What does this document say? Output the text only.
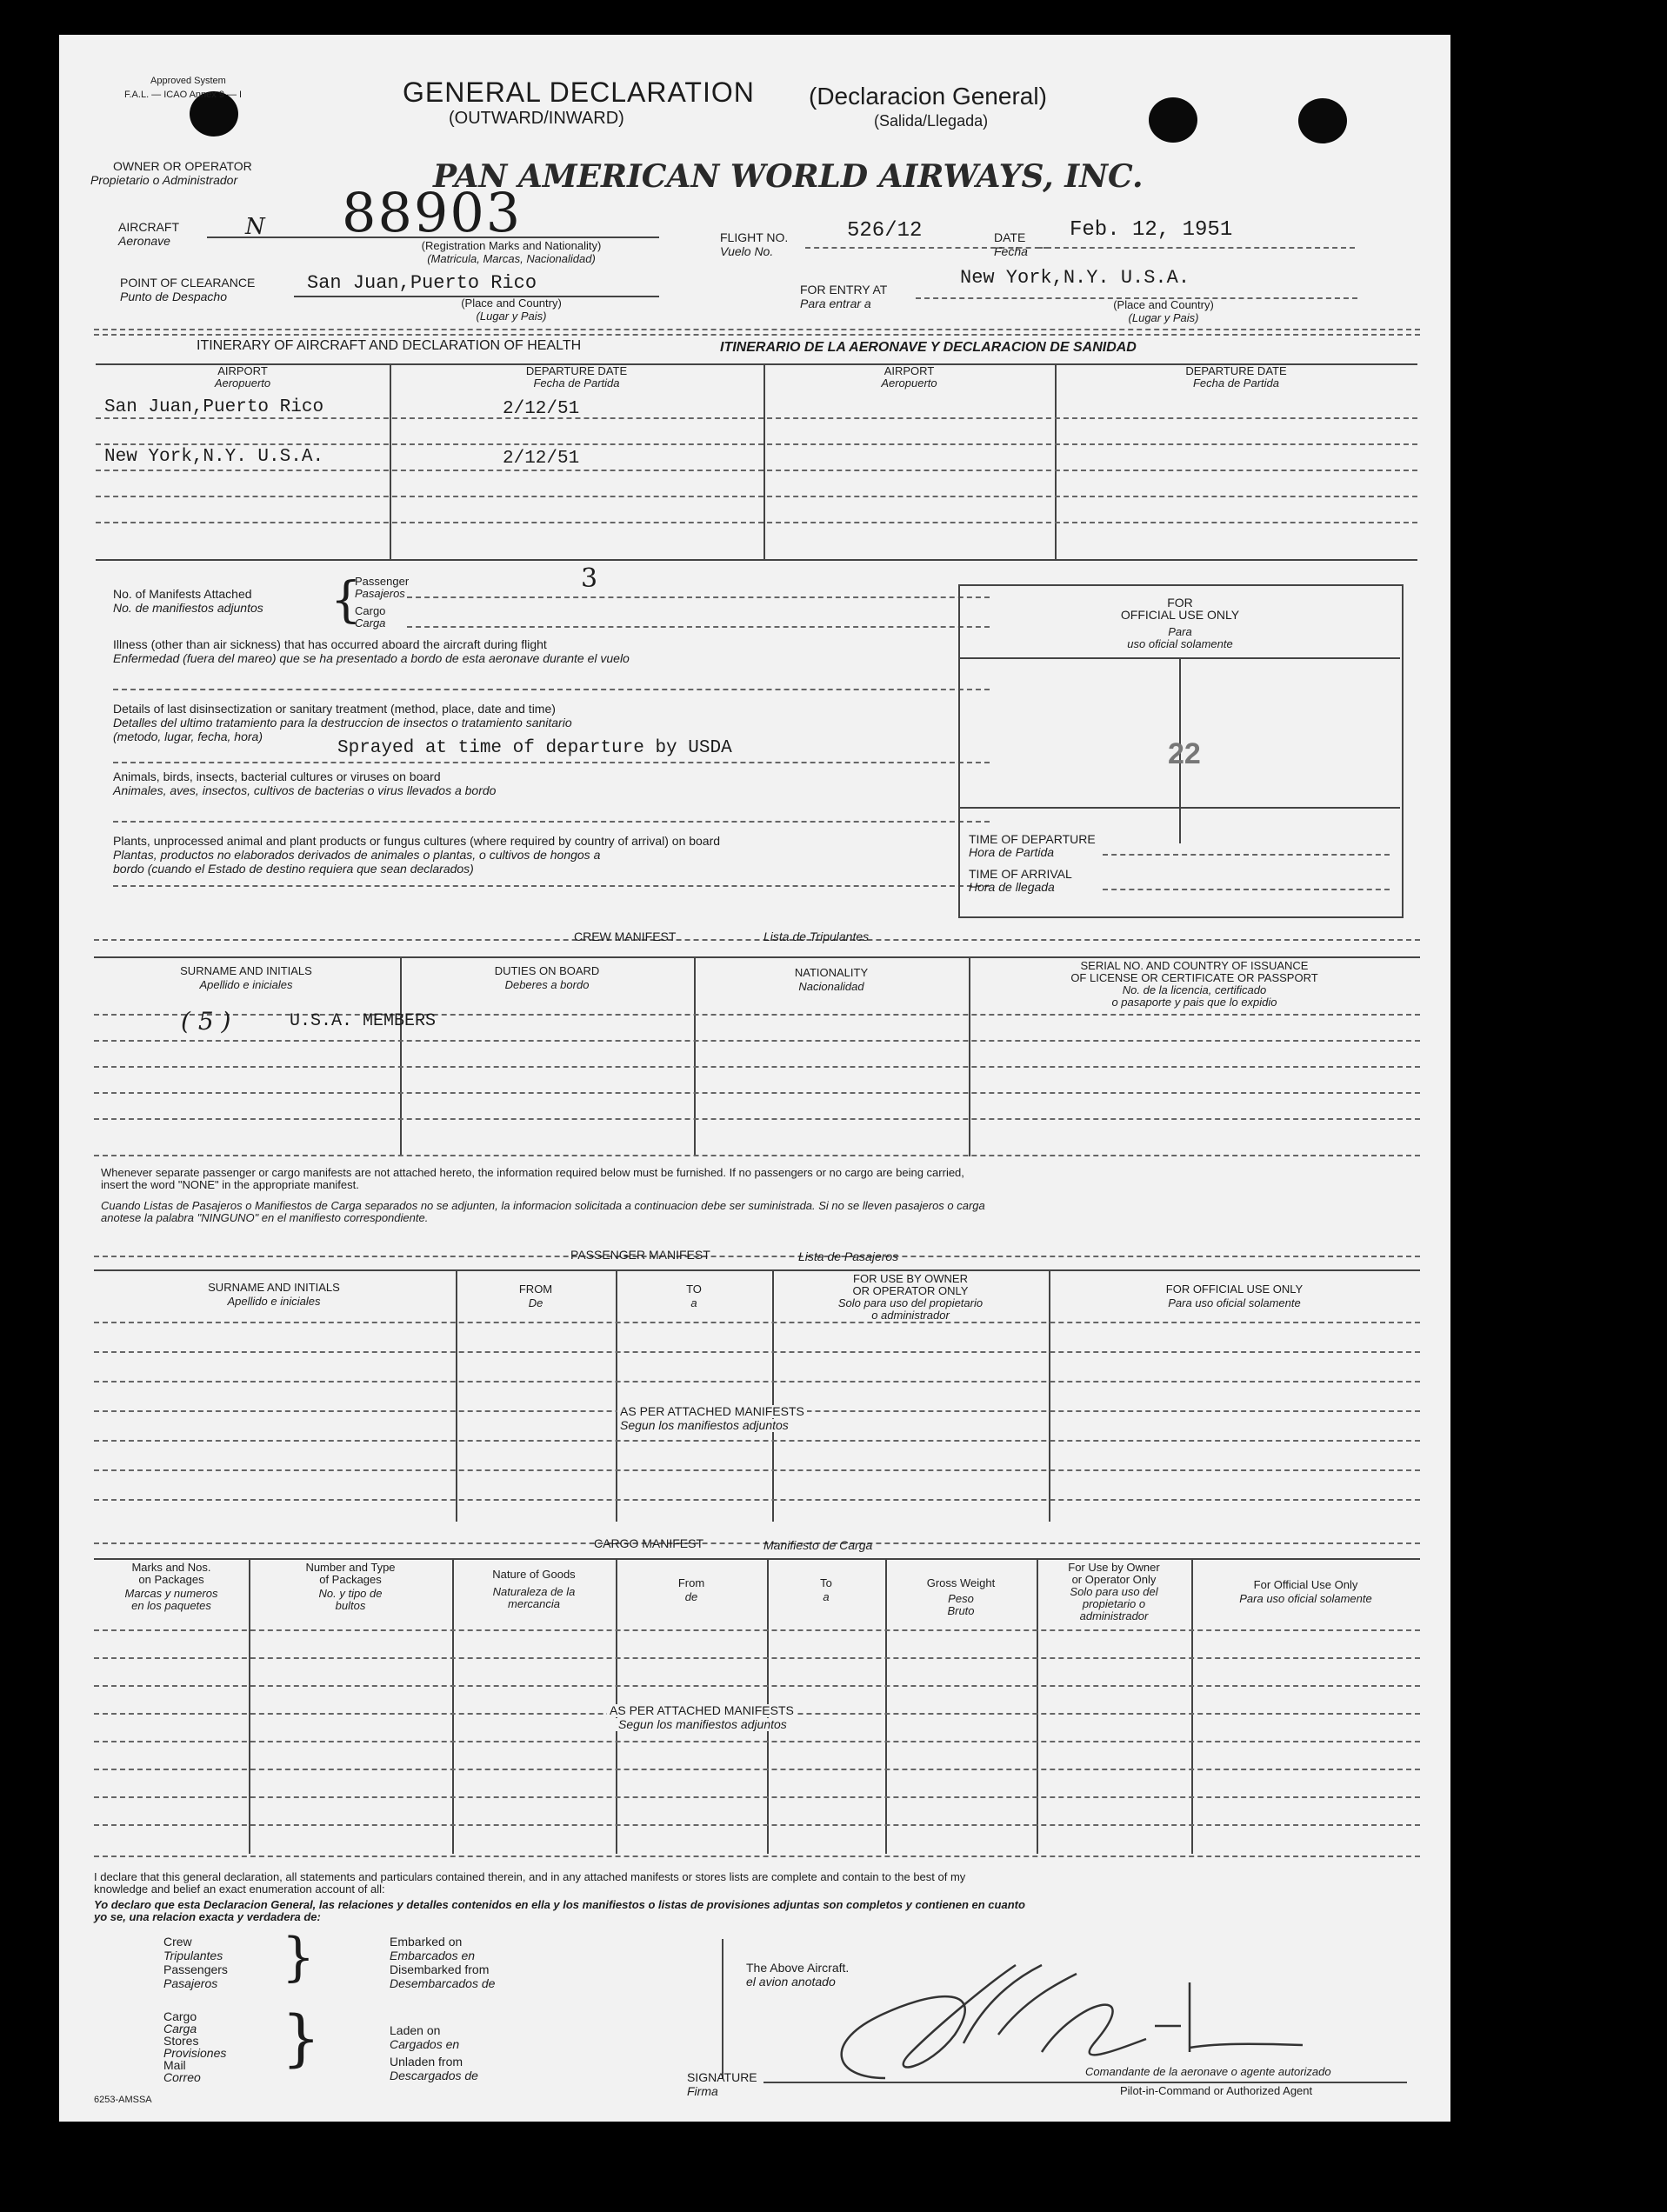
Approved System
F.A.L. — ICAO Annex 9 — I	GENERAL DECLARATION
(OUTWARD/INWARD)
(Declaracion General)
(Salida/Llegada)
OWNER OR OPERATOR
Propietario o Administrador	PAN AMERICAN WORLD AIRWAYS, INC.
AIRCRAFT
Aeronave
N 88903
(Registration Marks and Nationality)
(Matricula, Marcas, Nacionalidad)
FLIGHT NO.
Vuelo No.
526/12	DATE
Fecha
Feb. 12, 1951
POINT OF CLEARANCE
Punto de Despacho
San Juan,Puerto Rico
(Place and Country)
(Lugar y Pais)
FOR ENTRY AT
Para entrar a
New York,N.Y. U.S.A.
(Place and Country)
(Lugar y Pais)
ITINERARY OF AIRCRAFT AND DECLARATION OF HEALTH	ITINERARIO DE LA AERONAVE Y DECLARACION DE SANIDAD
AIRPORT
Aeropuerto
DEPARTURE DATE
Fecha de Partida
AIRPORT
Aeropuerto
DEPARTURE DATE
Fecha de Partida
San Juan,Puerto Rico	2/12/51
New York,N.Y. U.S.A.	2/12/51
No. of Manifests Attached
No. de manifiestos adjuntos {
Passenger
Pasajeros
Cargo
Carga
3
Illness (other than air sickness) that has occurred aboard the aircraft during flight
Enfermedad (fuera del mareo) que se ha presentado a bordo de esta aeronave durante el vuelo
Details of last disinsectization or sanitary treatment (method, place, date and time)
Detalles del ultimo tratamiento para la destruccion de insectos o tratamiento sanitario
(metodo, lugar, fecha, hora)
Sprayed at time of departure by USDA
Animals, birds, insects, bacterial cultures or viruses on board
Animales, aves, insectos, cultivos de bacterias o virus llevados a bordo
Plants, unprocessed animal and plant products or fungus cultures (where required by country of arrival) on board
Plantas, productos no elaborados derivados de animales o plantas, o cultivos de hongos a
bordo (cuando el Estado de destino requiera que sean declarados)
FOR
OFFICIAL USE ONLY
Para
uso oficial solamente
22
TIME OF DEPARTURE
Hora de Partida
TIME OF ARRIVAL
Hora de llegada
CREW MANIFEST	Lista de Tripulantes
SURNAME AND INITIALS
Apellido e iniciales
DUTIES ON BOARD
Deberes a bordo
NATIONALITY
Nacionalidad
SERIAL NO. AND COUNTRY OF ISSUANCE
OF LICENSE OR CERTIFICATE OR PASSPORT
No. de la licencia, certificado
o pasaporte y pais que lo expidio
( 5 )	U.S.A. MEMBERS
Whenever separate passenger or cargo manifests are not attached hereto, the information required below must be furnished. If no passengers or no cargo are being carried,
insert the word "NONE" in the appropriate manifest.
Cuando Listas de Pasajeros o Manifiestos de Carga separados no se adjunten, la informacion solicitada a continuacion debe ser suministrada. Si no se lleven pasajeros o carga
anotese la palabra "NINGUNO" en el manifiesto correspondiente.
PASSENGER MANIFEST	Lista de Pasajeros
SURNAME AND INITIALS
Apellido e iniciales
FROM
De
TO
a
FOR USE BY OWNER
OR OPERATOR ONLY
Solo para uso del propietario
o administrador
FOR OFFICIAL USE ONLY
Para uso oficial solamente
AS PER ATTACHED MANIFESTS
Segun los manifiestos adjuntos
CARGO MANIFEST	Manifiesto de Carga
Marks and Nos.
on Packages
Marcas y numeros
en los paquetes
Number and Type
of Packages
No. y tipo de
bultos
Nature of Goods
Naturaleza de la
mercancia
From
de
To
a
Gross Weight
Peso
Bruto
For Use by Owner
or Operator Only
Solo para uso del
propietario o
administrador
For Official Use Only
Para uso oficial solamente
AS PER ATTACHED MANIFESTS
Segun los manifiestos adjuntos
I declare that this general declaration, all statements and particulars contained therein, and in any attached manifests or stores lists are complete and contain to the best of my
knowledge and belief an exact enumeration account of all:
Yo declaro que esta Declaracion General, las relaciones y detalles contenidos en ella y los manifiestos o listas de provisiones adjuntas son completos y contienen en cuanto
yo se, una relacion exacta y verdadera de:
Crew
Tripulantes
Passengers
Pasajeros }	Embarked on
Embarcados en
Disembarked from
Desembarcados de
Cargo
Carga
Stores
Provisiones
Mail
Correo
}	Laden on
Cargados en
Unladen from
Descargados de
The Above Aircraft.
el avion anotado
SIGNATURE
Firma
Comandante de la aeronave o agente autorizado
Pilot-in-Command or Authorized Agent
6253-AMSSA
